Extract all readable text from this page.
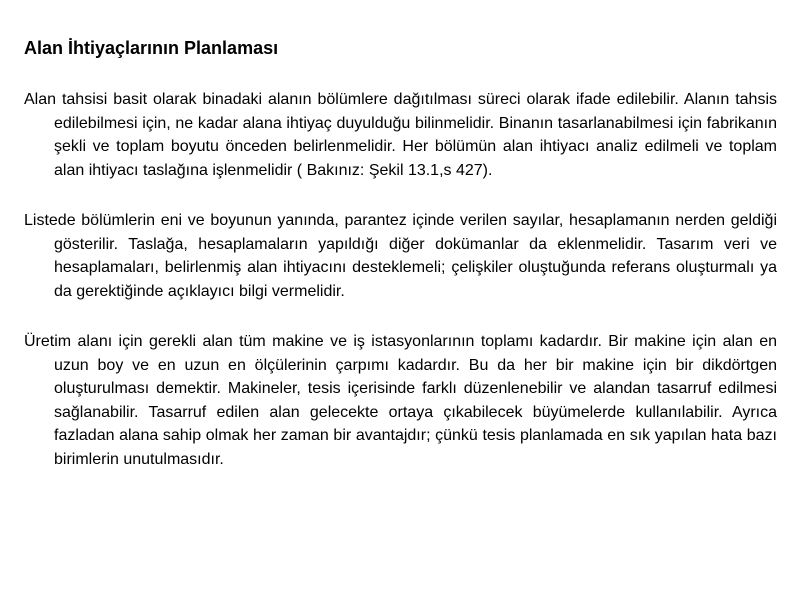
Alan İhtiyaçlarının Planlaması

Alan tahsisi basit olarak binadaki alanın bölümlere dağıtılması süreci olarak ifade edilebilir. Alanın tahsis edilebilmesi için, ne kadar alana ihtiyaç duyulduğu bilinmelidir. Binanın tasarlanabilmesi için fabrikanın şekli ve toplam boyutu önceden belirlenmelidir. Her bölümün alan ihtiyacı analiz edilmeli ve toplam alan ihtiyacı taslağına işlenmelidir ( Bakınız: Şekil 13.1,s 427).

Listede bölümlerin eni ve boyunun yanında, parantez içinde verilen sayılar, hesaplamanın nerden geldiği gösterilir. Taslağa, hesaplamaların yapıldığı diğer dokümanlar da eklenmelidir. Tasarım veri ve hesaplamaları, belirlenmiş alan ihtiyacını desteklemeli; çelişkiler oluştuğunda referans oluşturmalı ya da gerektiğinde açıklayıcı bilgi vermelidir.

Üretim alanı için gerekli alan tüm makine ve iş istasyonlarının toplamı kadardır. Bir makine için alan en uzun boy ve en uzun en ölçülerinin çarpımı kadardır. Bu da her bir makine için bir dikdörtgen oluşturulması demektir. Makineler, tesis içerisinde farklı düzenlenebilir ve alandan tasarruf edilmesi sağlanabilir. Tasarruf edilen alan gelecekte ortaya çıkabilecek büyümelerde kullanılabilir. Ayrıca fazladan alana sahip olmak her zaman bir avantajdır; çünkü tesis planlamada en sık yapılan hata bazı birimlerin unutulmasıdır.
